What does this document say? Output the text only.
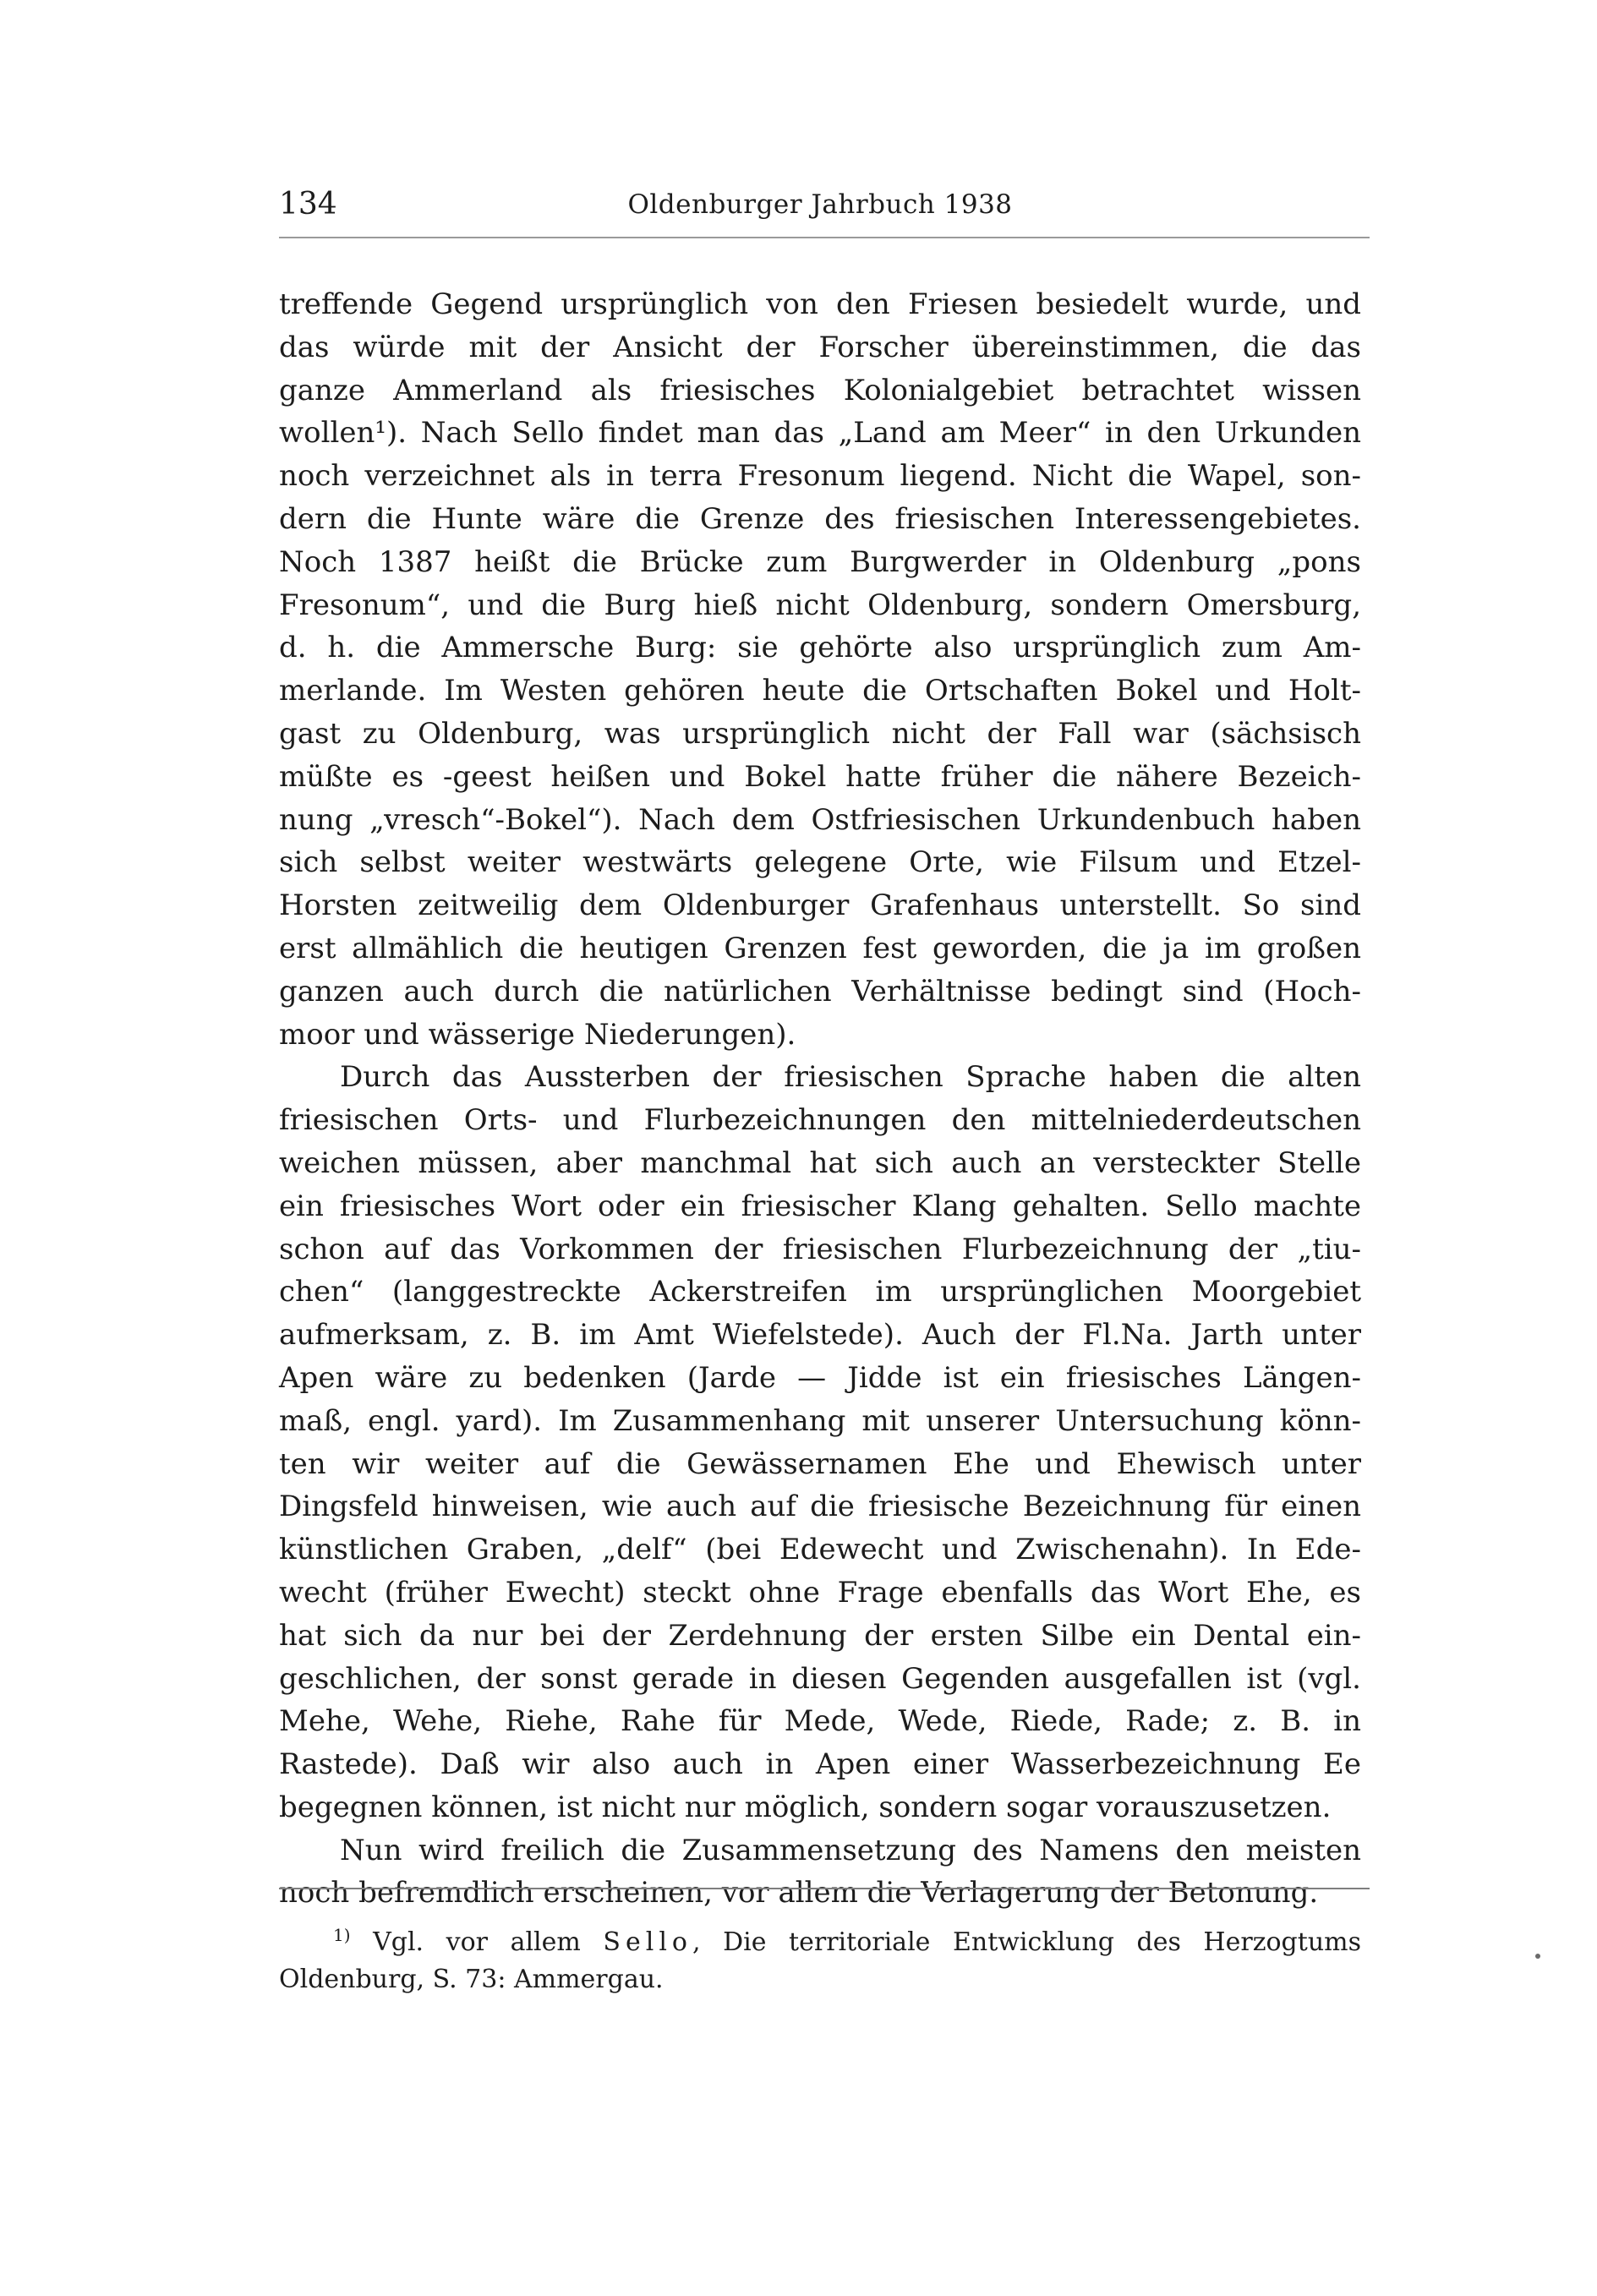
134	Oldenburger Jahrbuch 1938
treffende Gegend ursprünglich von den Friesen besiedelt wurde, und
das würde mit der Ansicht der Forscher übereinstimmen, die das
ganze Ammerland als friesisches Kolonialgebiet betrachtet wissen
wollen¹). Nach Sello findet man das „Land am Meer“ in den Urkunden
noch verzeichnet als in terra Fresonum liegend. Nicht die Wapel, son-
dern die Hunte wäre die Grenze des friesischen Interessengebietes.
Noch 1387 heißt die Brücke zum Burgwerder in Oldenburg „pons
Fresonum“, und die Burg hieß nicht Oldenburg, sondern Omersburg,
d. h. die Ammersche Burg: sie gehörte also ursprünglich zum Am-
merlande. Im Westen gehören heute die Ortschaften Bokel und Holt-
gast zu Oldenburg, was ursprünglich nicht der Fall war (sächsisch
müßte es -geest heißen und Bokel hatte früher die nähere Bezeich-
nung „vresch“-Bokel“). Nach dem Ostfriesischen Urkundenbuch haben
sich selbst weiter westwärts gelegene Orte, wie Filsum und Etzel-
Horsten zeitweilig dem Oldenburger Grafenhaus unterstellt. So sind
erst allmählich die heutigen Grenzen fest geworden, die ja im großen
ganzen auch durch die natürlichen Verhältnisse bedingt sind (Hoch-
moor und wässerige Niederungen).
Durch das Aussterben der friesischen Sprache haben die alten
friesischen Orts- und Flurbezeichnungen den mittelniederdeutschen
weichen müssen, aber manchmal hat sich auch an versteckter Stelle
ein friesisches Wort oder ein friesischer Klang gehalten. Sello machte
schon auf das Vorkommen der friesischen Flurbezeichnung der „tiu-
chen“ (langgestreckte Ackerstreifen im ursprünglichen Moorgebiet
aufmerksam, z. B. im Amt Wiefelstede). Auch der Fl.Na. Jarth unter
Apen wäre zu bedenken (Jarde — Jidde ist ein friesisches Längen-
maß, engl. yard). Im Zusammenhang mit unserer Untersuchung könn-
ten wir weiter auf die Gewässernamen Ehe und Ehewisch unter
Dingsfeld hinweisen, wie auch auf die friesische Bezeichnung für einen
künstlichen Graben, „delf“ (bei Edewecht und Zwischenahn). In Ede-
wecht (früher Ewecht) steckt ohne Frage ebenfalls das Wort Ehe, es
hat sich da nur bei der Zerdehnung der ersten Silbe ein Dental ein-
geschlichen, der sonst gerade in diesen Gegenden ausgefallen ist (vgl.
Mehe, Wehe, Riehe, Rahe für Mede, Wede, Riede, Rade; z. B. in
Rastede). Daß wir also auch in Apen einer Wasserbezeichnung Ee
begegnen können, ist nicht nur möglich, sondern sogar vorauszusetzen.
Nun wird freilich die Zusammensetzung des Namens den meisten
noch befremdlich erscheinen, vor allem die Verlagerung der Betonung.
$^{1)}$ Vgl. vor allem Sello, Die territoriale Entwicklung des Herzogtums
Oldenburg, S. 73: Ammergau.
